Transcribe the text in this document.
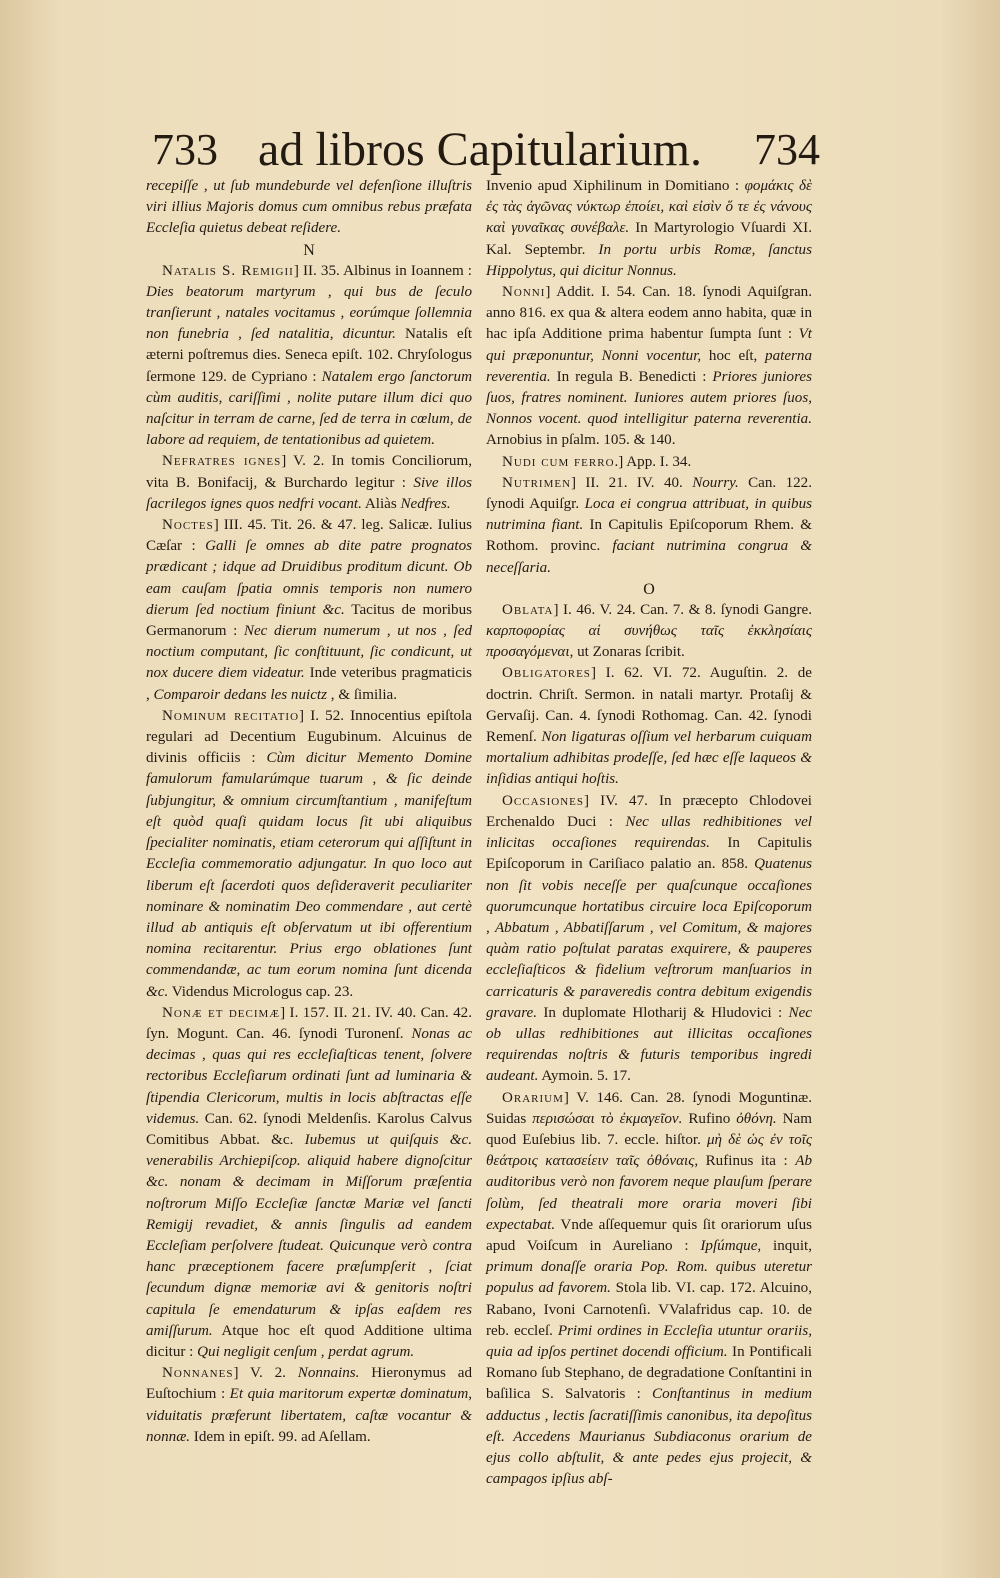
733 ad libros Capitularium.	734

recepiſſe , ut ſub mundeburde vel defenſione illuſtris viri illius Majoris domus cum omnibus rebus præfata Eccleſia quietus debeat reſidere.

N

Natalis S. Remigii] II. 35. Albinus in Ioannem : Dies beatorum martyrum , qui bus de ſeculo tranſierunt , natales vocitamus , eorúmque ſollemnia non funebria , ſed natalitia, dicuntur. Natalis eſt æterni poſtremus dies. Seneca epiſt. 102. Chryſologus ſermone 129. de Cypriano : Natalem ergo ſanctorum cùm auditis, cariſſimi , nolite putare illum dici quo naſcitur in terram de carne, ſed de terra in cœlum, de labore ad requiem, de tentationibus ad quietem.

Nefratres ignes] V. 2. In tomis Conciliorum, vita B. Bonifacij, & Burchardo legitur : Sive illos ſacrilegos ignes quos nedfri vocant. Aliàs Nedfres.

Noctes] III. 45. Tit. 26. & 47. leg. Salicæ. Iulius Cæſar : Galli ſe omnes ab dite patre prognatos prædicant ; idque ad Druidibus proditum dicunt. Ob eam cauſam ſpatia omnis temporis non numero dierum ſed noctium finiunt &c. Tacitus de moribus Germanorum : Nec dierum numerum , ut nos , ſed noctium computant, ſic conſtituunt, ſic condicunt, ut nox ducere diem videatur. Inde veteribus pragmaticis , Comparoir dedans les nuictz , & ſimilia.

Nominum recitatio] I. 52. Innocentius epiſtola regulari ad Decentium Eugubinum. Alcuinus de divinis officiis : Cùm dicitur Memento Domine famulorum famularúmque tuarum , & ſic deinde ſubjungitur, & omnium circumſtantium , manifeſtum eſt quòd quaſi quidam locus ſit ubi aliquibus ſpecialiter nominatis, etiam ceterorum qui aſſiſtunt in Eccleſia commemoratio adjungatur. In quo loco aut liberum eſt ſacerdoti quos deſideraverit peculiariter nominare & nominatim Deo commendare , aut certè illud ab antiquis eſt obſervatum ut ibi offerentium nomina recitarentur. Prius ergo oblationes ſunt commendandæ, ac tum eorum nomina ſunt dicenda &c. Videndus Micrologus cap. 23.

Nonæ et decimæ] I. 157. II. 21. IV. 40. Can. 42. ſyn. Mogunt. Can. 46. ſynodi Turonenſ. Nonas ac decimas , quas qui res eccleſiaſticas tenent, ſolvere rectoribus Eccleſiarum ordinati ſunt ad luminaria & ſtipendia Clericorum, multis in locis abſtractas eſſe videmus. Can. 62. ſynodi Meldenſis. Karolus Calvus Comitibus Abbat. &c. Iubemus ut quiſquis &c. venerabilis Archiepiſcop. aliquid habere dignoſcitur &c. nonam & decimam in Miſſorum præſentia noſtrorum Miſſo Eccleſiæ ſanctæ Mariæ vel ſancti Remigij revadiet, & annis ſingulis ad eandem Eccleſiam perſolvere ſtudeat. Quicunque verò contra hanc præceptionem facere præſumpſerit , ſciat ſecundum dignæ memoriæ avi & genitoris noſtri capitula ſe emendaturum & ipſas eaſdem res amiſſurum. Atque hoc eſt quod Additione ultima dicitur : Qui negligit cenſum , perdat agrum.

Nonnanes] V. 2. Nonnains. Hieronymus ad Euſtochium : Et quia maritorum expertæ dominatum, viduitatis præferunt libertatem, caſtæ vocantur & nonnæ. Idem in epiſt. 99. ad Aſellam.

Invenio apud Xiphilinum in Domitiano : φομάκις δὲ ἐς τὰς ἀγῶνας νύκτωρ ἐποίει, καὶ εἰσὶν ὅ τε ἐς νάνους καὶ γυναῖκας συνέβαλε. In Martyrologio Vſuardi XI. Kal. Septembr. In portu urbis Romæ, ſanctus Hippolytus, qui dicitur Nonnus.

Nonni] Addit. I. 54. Can. 18. ſynodi Aquiſgran. anno 816. ex qua & altera eodem anno habita, quæ in hac ipſa Additione prima habentur ſumpta ſunt : Vt qui præponuntur, Nonni vocentur, hoc eſt, paterna reverentia. In regula B. Benedicti : Priores juniores ſuos, fratres nominent. Iuniores autem priores ſuos, Nonnos vocent. quod intelligitur paterna reverentia. Arnobius in pſalm. 105. & 140.

Nudi cum ferro.] App. I. 34.

Nutrimen] II. 21. IV. 40. Nourry. Can. 122. ſynodi Aquiſgr. Loca ei congrua attribuat, in quibus nutrimina fiant. In Capitulis Epiſcoporum Rhem. & Rothom. provinc. faciant nutrimina congrua & neceſſaria.

O

Oblata] I. 46. V. 24. Can. 7. & 8. ſynodi Gangre. καρποφορίας αἱ συνήθως ταῖς ἐκκλησίαις προσαγόμεναι, ut Zonaras ſcribit.

Obligatores] I. 62. VI. 72. Auguſtin. 2. de doctrin. Chriſt. Sermon. in natali martyr. Protaſij & Gervaſij. Can. 4. ſynodi Rothomag. Can. 42. ſynodi Remenſ. Non ligaturas oſſium vel herbarum cuiquam mortalium adhibitas prodeſſe, ſed hæc eſſe laqueos & inſidias antiqui hoſtis.

Occasiones] IV. 47. In præcepto Chlodovei Erchenaldo Duci : Nec ullas redhibitiones vel inlicitas occaſiones requirendas. In Capitulis Epiſcoporum in Cariſiaco palatio an. 858. Quatenus non ſit vobis neceſſe per quaſcunque occaſiones quorumcunque hortatibus circuire loca Epiſcoporum , Abbatum , Abbatiſſarum , vel Comitum, & majores quàm ratio poſtulat paratas exquirere, & pauperes eccleſiaſticos & fidelium veſtrorum manſuarios in carricaturis & paraveredis contra debitum exigendis gravare. In duplomate Hlotharij & Hludovici : Nec ob ullas redhibitiones aut illicitas occaſiones requirendas noſtris & futuris temporibus ingredi audeant. Aymoin. 5. 17.

Orarium] V. 146. Can. 28. ſynodi Moguntinæ. Suidas περισώσαι τὸ ἐκμαγεῖον. Rufino ὀθόνη. Nam quod Euſebius lib. 7. eccle. hiſtor. μὴ δὲ ὡς ἐν τοῖς θεάτροις κατασείειν ταῖς ὀθόναις, Rufinus ita : Ab auditoribus verò non favorem neque plauſum ſperare ſolùm, ſed theatrali more oraria moveri ſibi expectabat. Vnde aſſequemur quis ſit orariorum uſus apud Voiſcum in Aureliano : Ipſúmque, inquit, primum donaſſe oraria Pop. Rom. quibus uteretur populus ad favorem. Stola lib. VI. cap. 172. Alcuino, Rabano, Ivoni Carnotenſi. VValafridus cap. 10. de reb. eccleſ. Primi ordines in Eccleſia utuntur orariis, quia ad ipſos pertinet docendi officium. In Pontificali Romano ſub Stephano, de degradatione Conſtantini in baſilica S. Salvatoris : Conſtantinus in medium adductus , lectis ſacratiſſimis canonibus, ita depoſitus eſt. Accedens Maurianus Subdiaconus orarium de ejus collo abſtulit, & ante pedes ejus projecit, & campagos ipſius abſ-
